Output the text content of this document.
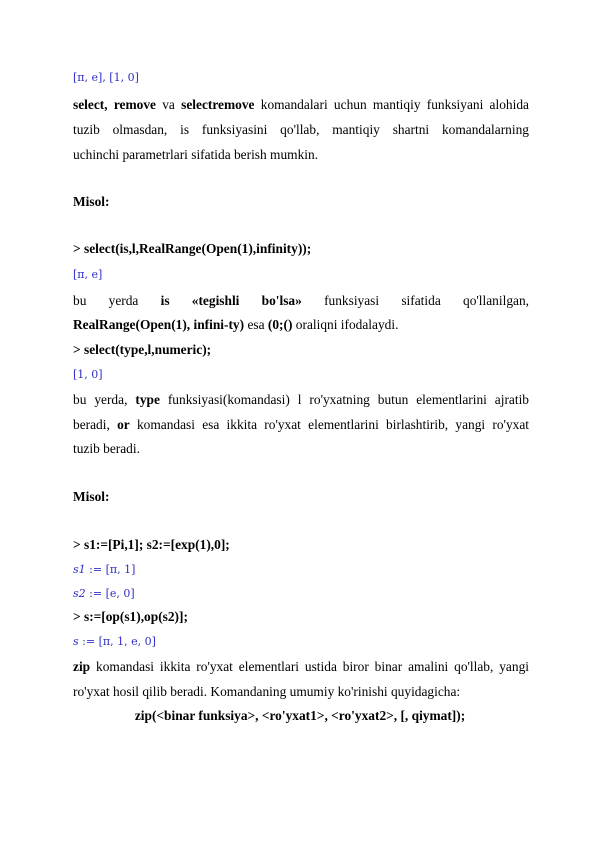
[π, e], [1, 0]
select, remove va selectremove komandalari uchun mantiqiy funksiyani alohida
tuzib olmasdan, is funksiyasini qo'llab, mantiqiy shartni komandalarning
uchinchi parametrlari sifatida berish mumkin.
Misol:
> select(is,l,RealRange(Open(1),infinity));
[π, e]
bu yerda is «tegishli bo'lsa» funksiyasi sifatida qo'llanilgan,
RealRange(Open(1), infini-ty) esa (0;() oraliqni ifodalaydi.
> select(type,l,numeric);
[1, 0]
bu yerda, type funksiyasi(komandasi) l ro'yxatning butun elementlarini ajratib
beradi, or komandasi esa ikkita ro'yxat elementlarini birlashtirib, yangi ro'yxat
tuzib beradi.
Misol:
> s1:=[Pi,1]; s2:=[exp(1),0];
s1 := [π, 1]
s2 := [e, 0]
> s:=[op(s1),op(s2)];
s := [π, 1, e, 0]
zip komandasi ikkita ro'yxat elementlari ustida biror binar amalini qo'llab, yangi
ro'yxat hosil qilib beradi. Komandaning umumiy ko'rinishi quyidagicha:
zip(<binar funksiya>, <ro'yxat1>, <ro'yxat2>, [, qiymat]);
